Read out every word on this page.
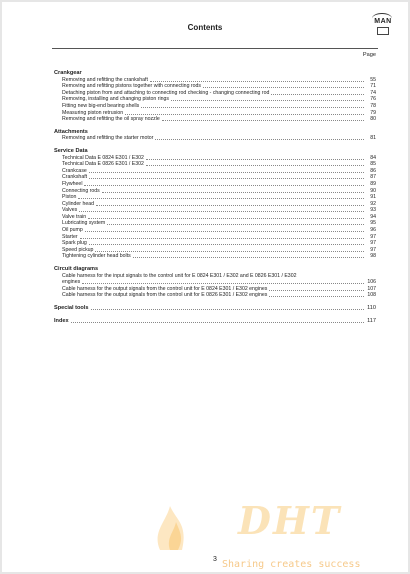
Contents
MAN
Page
Crankgear
Removing and refitting the crankshaft	55
Removing and refitting pistons together with connecting rods	71
Detaching piston from and attaching to connecting rod checking - changing connecting rod	74
Removing, installing and changing piston rings	76
Fitting new big-end bearing shells	78
Measuring piston retrusion	79
Removing and refitting the oil spray nozzle	80
Attachments
Removing and refitting the starter motor	81
Service Data
Technical Data E 0824 E301 / E302	84
Technical Data E 0826 E301 / E302	85
Crankcase	86
Crankshaft	87
Flywheel	89
Connecting rods	90
Piston	91
Cylinder head	92
Valves	93
Valve train	94
Lubricating system	95
Oil pump	96
Starter	97
Spark plug	97
Speed pickup	97
Tightening cylinder head bolts	98
Circuit diagrams
Cable harness for the input signals to the control unit for E 0824 E301 / E302 and E 0826 E301 / E302
engines	106
Cable harness for the output signals from the control unit for E 0824 E301 / E302 engines	107
Cable harness for the output signals from the control unit for E 0826 E301 / E302 engines	108
Special tools	110
Index	117
DHT
Sharing creates success
3
